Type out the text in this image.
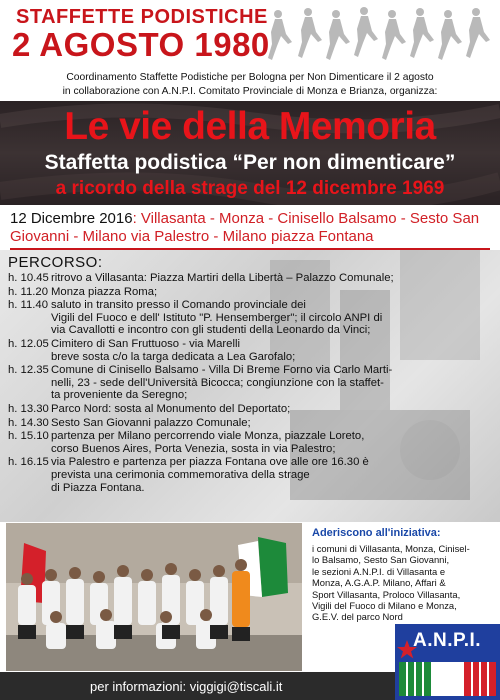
STAFFETTE PODISTICHE
2 AGOSTO 1980
Coordinamento Staffette Podistiche per Bologna per Non Dimenticare il 2 agosto
in collaborazione con A.N.P.I. Comitato Provinciale di Monza e Brianza, organizza:
Le vie della Memoria
Staffetta podistica “Per non dimenticare”
a ricordo della strage del 12 dicembre 1969
12 Dicembre 2016: Villasanta - Monza - Cinisello Balsamo - Sesto San Giovanni - Milano via Palestro - Milano piazza Fontana
PERCORSO:
h. 10.45 ritrovo a Villasanta: Piazza Martiri della Libertà – Palazzo Comunale;
h. 11.20 Monza piazza Roma;
h. 11.40 saluto in transito presso il Comando provinciale dei
Vigili del Fuoco e dell' Istituto "P. Hensemberger"; il circolo ANPI di
via Cavallotti e incontro con gli studenti della Leonardo da Vinci;
h. 12.05 Cimitero di San Fruttuoso - via Marelli
breve sosta c/o la targa dedicata a Lea Garofalo;
h. 12.35 Comune di Cinisello Balsamo - Villa Di Breme Forno via Carlo Marti-
nelli, 23 - sede dell'Università Bicocca; congiunzione con la staffet-
ta proveniente da Seregno;
h. 13.30 Parco Nord: sosta al Monumento del Deportato;
h. 14.30 Sesto San Giovanni palazzo Comunale;
h. 15.10 partenza per Milano percorrendo viale Monza, piazzale Loreto,
corso Buenos Aires, Porta Venezia, sosta in via Palestro;
h. 16.15 via Palestro e partenza per piazza Fontana ove alle ore 16.30 è
prevista una cerimonia commemorativa della strage
di Piazza Fontana.
Aderiscono all'iniziativa:
i comuni di Villasanta, Monza, Cinisel-
lo Balsamo, Sesto San Giovanni,
le sezioni A.N.P.I. di Villasanta e
Monza, A.G.A.P. Milano, Affari &
Sport Villasanta, Proloco Villasanta,
Vigili del Fuoco di Milano e Monza,
G.E.V. del parco Nord
per informazioni: viggigi@tiscali.it
A.N.P.I.
